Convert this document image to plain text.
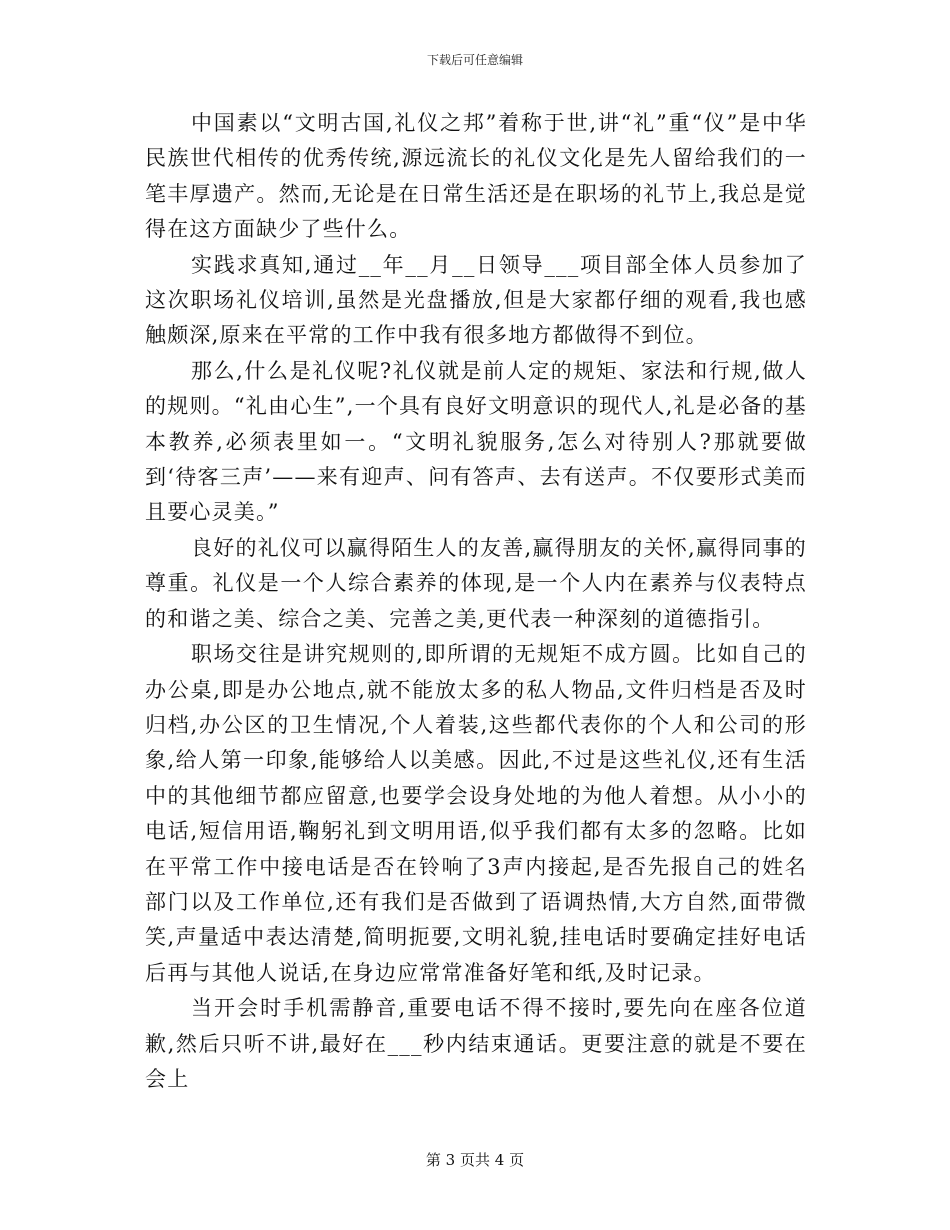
下载后可任意编辑

中国素以“文明古国,礼仪之邦”着称于世,讲“礼”重“仪”是中华民族世代相传的优秀传统,源远流长的礼仪文化是先人留给我们的一笔丰厚遗产。然而,无论是在日常生活还是在职场的礼节上,我总是觉得在这方面缺少了些什么。

实践求真知,通过__年__月__日领导___项目部全体人员参加了这次职场礼仪培训,虽然是光盘播放,但是大家都仔细的观看,我也感触颇深,原来在平常的工作中我有很多地方都做得不到位。

那么,什么是礼仪呢?礼仪就是前人定的规矩、家法和行规,做人的规则。“礼由心生”,一个具有良好文明意识的现代人,礼是必备的基本教养,必须表里如一。“文明礼貌服务,怎么对待别人?那就要做到‘待客三声’——来有迎声、问有答声、去有送声。不仅要形式美而且要心灵美。”

良好的礼仪可以赢得陌生人的友善,赢得朋友的关怀,赢得同事的尊重。礼仪是一个人综合素养的体现,是一个人内在素养与仪表特点的和谐之美、综合之美、完善之美,更代表一种深刻的道德指引。

职场交往是讲究规则的,即所谓的无规矩不成方圆。比如自己的办公桌,即是办公地点,就不能放太多的私人物品,文件归档是否及时归档,办公区的卫生情况,个人着装,这些都代表你的个人和公司的形象,给人第一印象,能够给人以美感。因此,不过是这些礼仪,还有生活中的其他细节都应留意,也要学会设身处地的为他人着想。从小小的电话,短信用语,鞠躬礼到文明用语,似乎我们都有太多的忽略。比如在平常工作中接电话是否在铃响了3声内接起,是否先报自己的姓名部门以及工作单位,还有我们是否做到了语调热情,大方自然,面带微笑,声量适中表达清楚,简明扼要,文明礼貌,挂电话时要确定挂好电话后再与其他人说话,在身边应常常准备好笔和纸,及时记录。

当开会时手机需静音,重要电话不得不接时,要先向在座各位道歉,然后只听不讲,最好在___秒内结束通话。更要注意的就是不要在会上

第 3 页共 4 页
